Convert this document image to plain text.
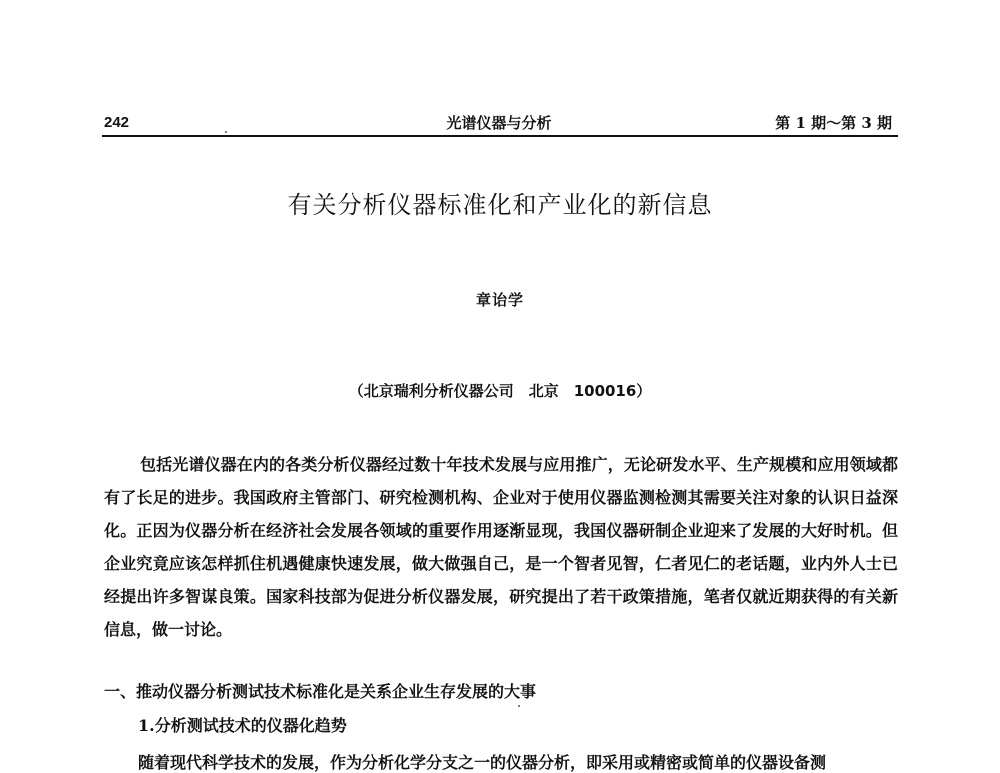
242	光谱仪器与分析	第 1 期～第 3 期
有关分析仪器标准化和产业化的新信息
章诒学
（北京瑞利分析仪器公司　北京　100016）

包括光谱仪器在内的各类分析仪器经过数十年技术发展与应用推广，无论研发水平、生产规模和应用领域都有了长足的进步。我国政府主管部门、研究检测机构、企业对于使用仪器监测检测其需要关注对象的认识日益深化。正因为仪器分析在经济社会发展各领域的重要作用逐渐显现，我国仪器研制企业迎来了发展的大好时机。但企业究竟应该怎样抓住机遇健康快速发展，做大做强自己，是一个智者见智，仁者见仁的老话题，业内外人士已经提出许多智谋良策。国家科技部为促进分析仪器发展，研究提出了若干政策措施，笔者仅就近期获得的有关新信息，做一讨论。

一、推动仪器分析测试技术标准化是关系企业生存发展的大事
1.分析测试技术的仪器化趋势
随着现代科学技术的发展，作为分析化学分支之一的仪器分析，即采用或精密或简单的仪器设备测
